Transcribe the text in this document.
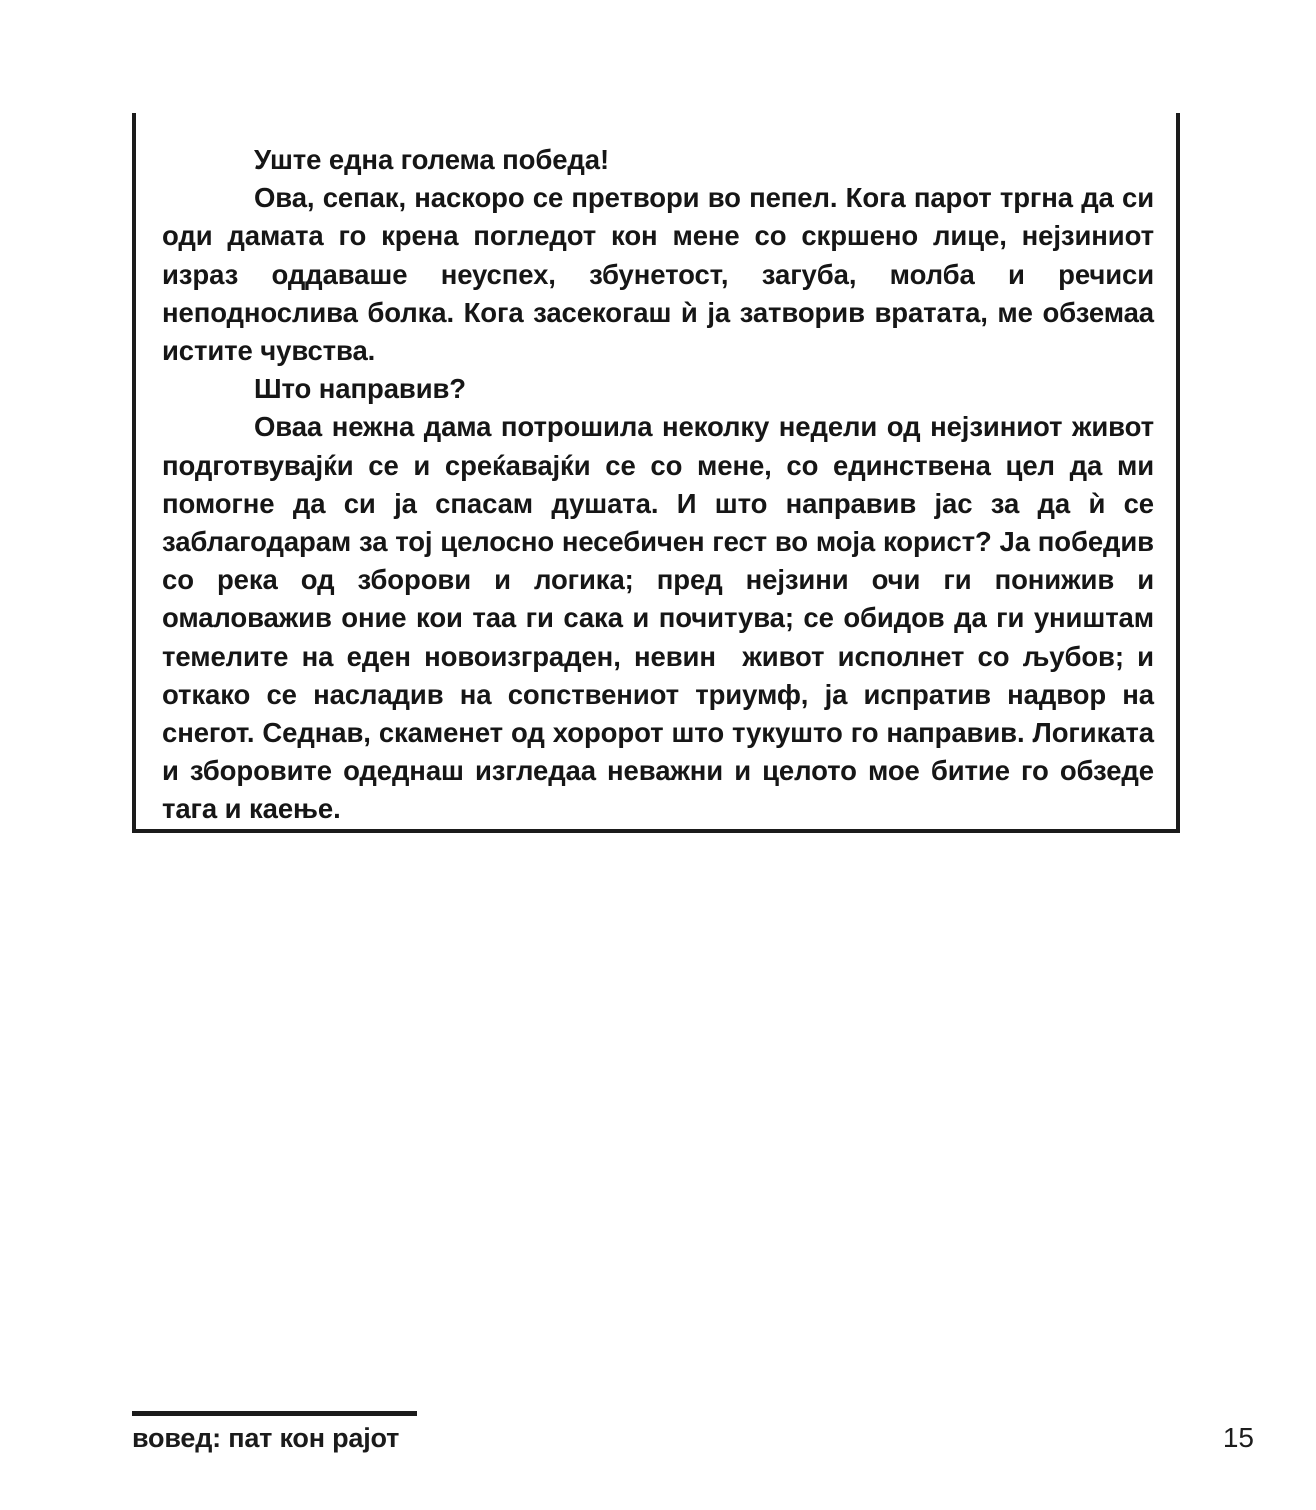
Уште една голема победа!

Ова, сепак, наскоро се претвори во пепел. Кога парот тргна да си оди дамата го крена погледот кон мене со скршено лице, нејзиниот израз оддаваше неуспех, збунетост, загуба, молба и речиси неподнослива болка. Кога засекогаш ѝ ја затворив вратата, ме обземаа истите чувства.

Што направив?

Оваа нежна дама потрошила неколку недели од нејзиниот живот подготвувајќи се и среќавајќи се со мене, со единствена цел да ми помогне да си ја спасам душата. И што направив јас за да ѝ се заблагодарам за тој целосно несебичен гест во моја корист? Ја победив со река од зборови и логика; пред нејзини очи ги понижив и омаловажив оние кои таа ги сака и почитува; се обидов да ги уништам темелите на еден новоизграден, невин  живот исполнет со љубов; и откако се насладив на сопствениот триумф, ја испратив надвор на снегот. Седнав, скаменет од хоророт што тукушто го направив. Логиката и зборовите одеднаш изгледаа неважни и целото мое битие го обзеде тага и каење.

вовед: пат кон рајот	15
